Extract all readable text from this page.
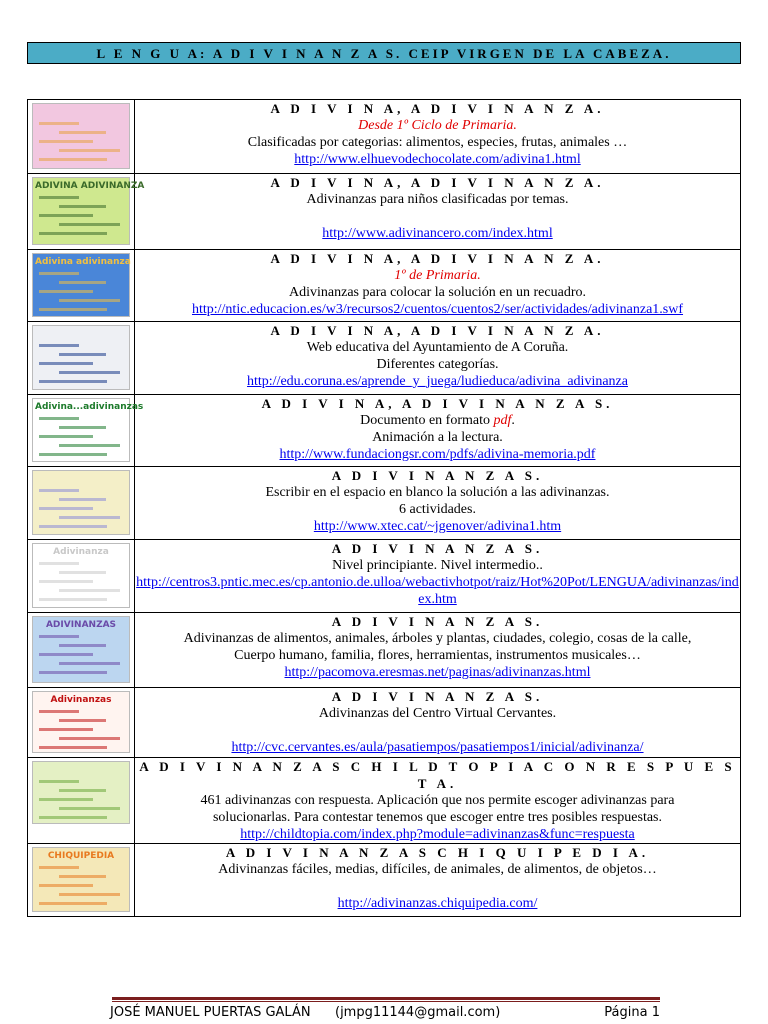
L E N G U A: A D I V I N A N Z A S. CEIP VIRGEN DE LA CABEZA.

	A D I V I N A, A D I V I N A N Z A.
Desde 1º Ciclo de Primaria.
Clasificadas por categorias: alimentos, especies, frutas, animales …
http://www.elhuevodechocolate.com/adivina1.html

ADIVINA ADIVINANZA	A D I V I N A, A D I V I N A N Z A.
Adivinanzas para niños clasificadas por temas.

http://www.adivinancero.com/index.html

Adivina adivinanza	A D I V I N A, A D I V I N A N Z A.
1º de Primaria.
Adivinanzas para colocar la solución en un recuadro.
http://ntic.educacion.es/w3/recursos2/cuentos/cuentos2/ser/actividades/adivinanza1.swf

	A D I V I N A, A D I V I N A N Z A.
Web educativa del Ayuntamiento de A Coruña.
Diferentes categorías.
http://edu.coruna.es/aprende_y_juega/ludieduca/adivina_adivinanza

Adivina...adivinanzas	A D I V I N A, A D I V I N A N Z A S.
Documento en formato pdf.
Animación a la lectura.
http://www.fundaciongsr.com/pdfs/adivina-memoria.pdf

	A D I V I N A N Z A S.
Escribir en el espacio en blanco la solución a las adivinanzas.
6 actividades.
http://www.xtec.cat/~jgenover/adivina1.htm

Adivinanza	A D I V I N A N Z A S.
Nivel principiante. Nivel intermedio..
http://centros3.pntic.mec.es/cp.antonio.de.ulloa/webactivhotpot/raiz/Hot%20Pot/LENGUA/adivinanzas/index.htm

ADIVINANZAS	A D I V I N A N Z A S.
Adivinanzas de alimentos, animales, árboles y plantas, ciudades, colegio, cosas de la calle,
Cuerpo humano, familia, flores, herramientas, instrumentos musicales…
http://pacomova.eresmas.net/paginas/adivinanzas.html

Adivinanzas	A D I V I N A N Z A S.
Adivinanzas del Centro Virtual Cervantes.

http://cvc.cervantes.es/aula/pasatiempos/pasatiempos1/inicial/adivinanza/

	A D I V I N A N Z A S C H I L D T O P I A C O N R E S P U E S T A.
461 adivinanzas con respuesta. Aplicación que nos permite escoger adivinanzas para
solucionarlas. Para contestar tenemos que escoger entre tres posibles respuestas.
http://childtopia.com/index.php?module=adivinanzas&func=respuesta

CHIQUIPEDIA	A D I V I N A N Z A S C H I Q U I P E D I A.
Adivinanzas fáciles, medias, difíciles, de animales, de alimentos, de objetos…

http://adivinanzas.chiquipedia.com/
JOSÉ MANUEL PUERTAS GALÁN (jmpg11144@gmail.com)	Página 1
